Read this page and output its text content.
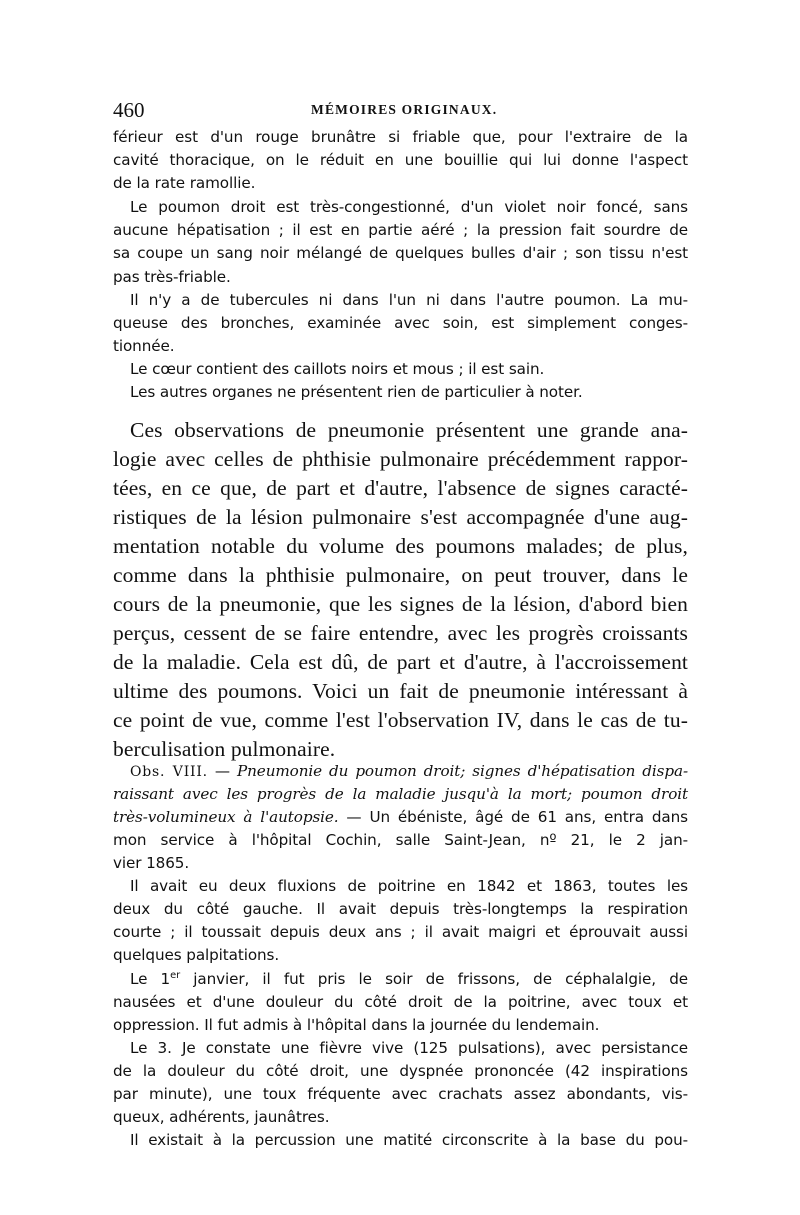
460	MÉMOIRES ORIGINAUX.
férieur est d'un rouge brunâtre si friable que, pour l'extraire de la
cavité thoracique, on le réduit en une bouillie qui lui donne l'aspect
de la rate ramollie.
Le poumon droit est très-congestionné, d'un violet noir foncé, sans
aucune hépatisation ; il est en partie aéré ; la pression fait sourdre de
sa coupe un sang noir mélangé de quelques bulles d'air ; son tissu n'est
pas très-friable.
Il n'y a de tubercules ni dans l'un ni dans l'autre poumon. La mu-
queuse des bronches, examinée avec soin, est simplement conges-
tionnée.
Le cœur contient des caillots noirs et mous ; il est sain.
Les autres organes ne présentent rien de particulier à noter.
Ces observations de pneumonie présentent une grande ana-
logie avec celles de phthisie pulmonaire précédemment rappor-
tées, en ce que, de part et d'autre, l'absence de signes caracté-
ristiques de la lésion pulmonaire s'est accompagnée d'une aug-
mentation notable du volume des poumons malades; de plus,
comme dans la phthisie pulmonaire, on peut trouver, dans le
cours de la pneumonie, que les signes de la lésion, d'abord bien
perçus, cessent de se faire entendre, avec les progrès croissants
de la maladie. Cela est dû, de part et d'autre, à l'accroissement
ultime des poumons. Voici un fait de pneumonie intéressant à
ce point de vue, comme l'est l'observation IV, dans le cas de tu-
berculisation pulmonaire.
Obs. VIII. — Pneumonie du poumon droit; signes d'hépatisation dispa-
raissant avec les progrès de la maladie jusqu'à la mort; poumon droit
très-volumineux à l'autopsie. — Un ébéniste, âgé de 61 ans, entra dans
mon service à l'hôpital Cochin, salle Saint-Jean, nº 21, le 2 jan-
vier 1865.
Il avait eu deux fluxions de poitrine en 1842 et 1863, toutes les
deux du côté gauche. Il avait depuis très-longtemps la respiration
courte ; il toussait depuis deux ans ; il avait maigri et éprouvait aussi
quelques palpitations.
Le 1er janvier, il fut pris le soir de frissons, de céphalalgie, de
nausées et d'une douleur du côté droit de la poitrine, avec toux et
oppression. Il fut admis à l'hôpital dans la journée du lendemain.
Le 3. Je constate une fièvre vive (125 pulsations), avec persistance
de la douleur du côté droit, une dyspnée prononcée (42 inspirations
par minute), une toux fréquente avec crachats assez abondants, vis-
queux, adhérents, jaunâtres.
Il existait à la percussion une matité circonscrite à la base du pou-
